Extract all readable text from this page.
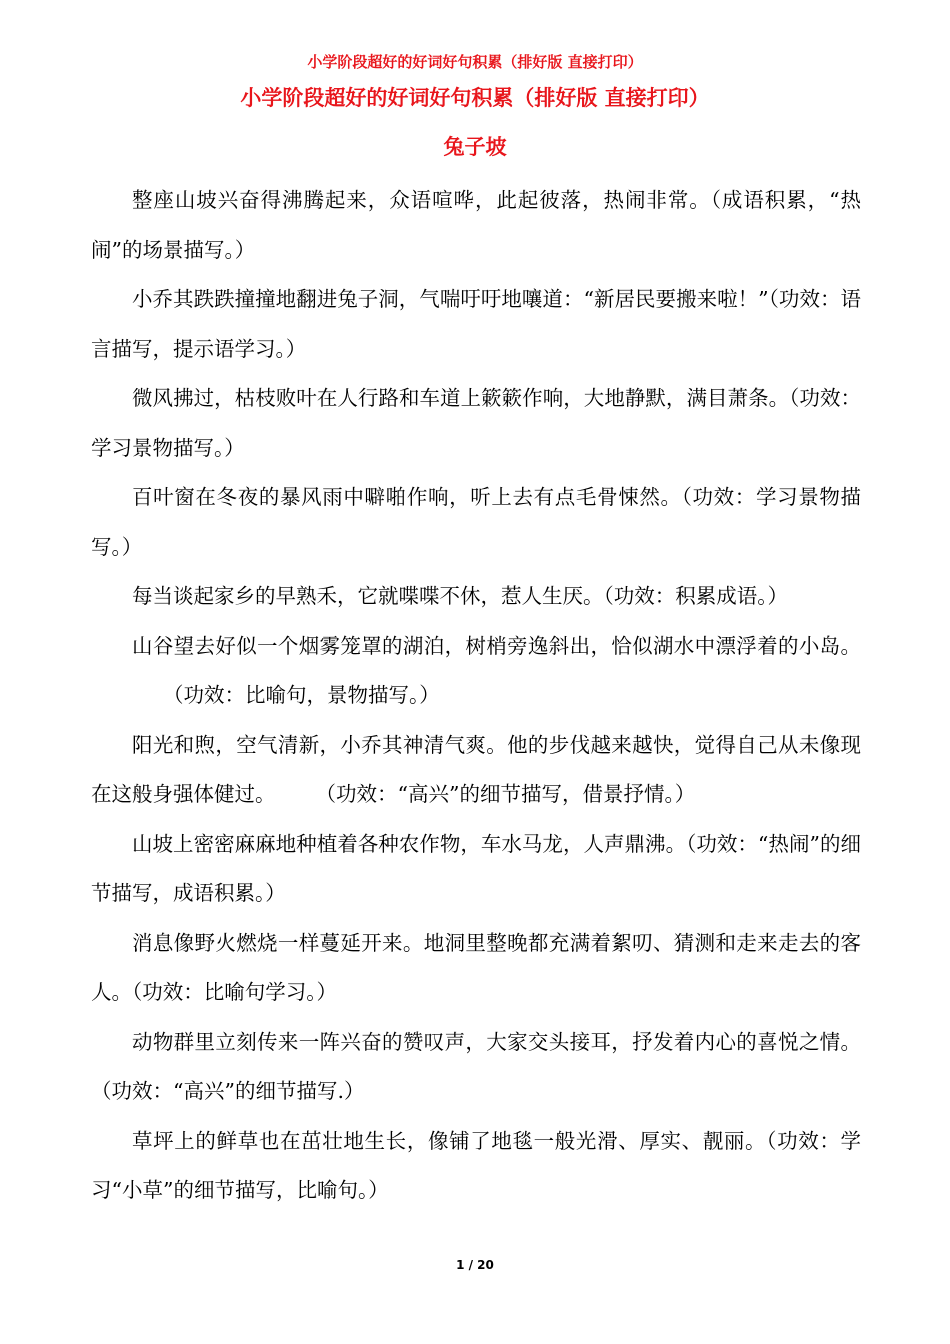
小学阶段超好的好词好句积累（排好版 直接打印）
小学阶段超好的好词好句积累（排好版 直接打印）
兔子坡

整座山坡兴奋得沸腾起来，众语喧哗，此起彼落，热闹非常。（成语积累，“热闹”的场景描写。）

小乔其跌跌撞撞地翻进兔子洞，气喘吁吁地嚷道：“新居民要搬来啦！”（功效：语言描写，提示语学习。）

微风拂过，枯枝败叶在人行路和车道上簌簌作响，大地静默，满目萧条。（功效：学习景物描写。）

百叶窗在冬夜的暴风雨中噼啪作响，听上去有点毛骨悚然。（功效：学习景物描写。）

每当谈起家乡的早熟禾，它就喋喋不休，惹人生厌。（功效：积累成语。）

山谷望去好似一个烟雾笼罩的湖泊，树梢旁逸斜出，恰似湖水中漂浮着的小岛。（功效：比喻句，景物描写。）

阳光和煦，空气清新，小乔其神清气爽。他的步伐越来越快，觉得自己从未像现在这般身强体健过。 （功效：“高兴”的细节描写，借景抒情。）

山坡上密密麻麻地种植着各种农作物，车水马龙，人声鼎沸。（功效：“热闹”的细节描写，成语积累。）

消息像野火燃烧一样蔓延开来。地洞里整晚都充满着絮叨、猜测和走来走去的客人。（功效：比喻句学习。）

动物群里立刻传来一阵兴奋的赞叹声，大家交头接耳，抒发着内心的喜悦之情。（功效：“高兴”的细节描写.）

草坪上的鲜草也在茁壮地生长，像铺了地毯一般光滑、厚实、靓丽。（功效：学习“小草”的细节描写，比喻句。）

1 / 20
